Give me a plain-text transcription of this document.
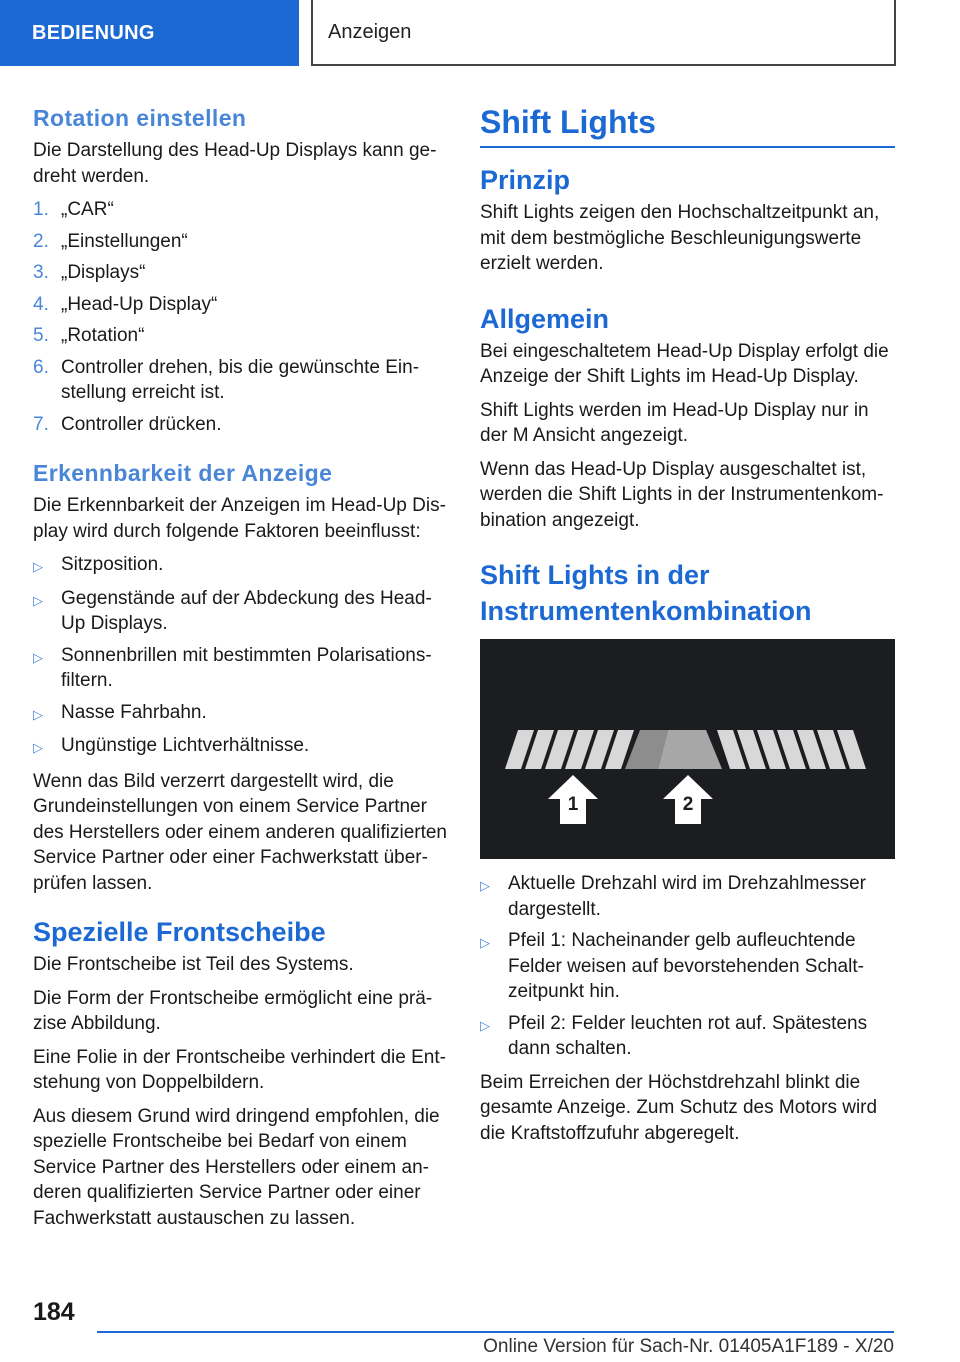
BEDIENUNG	Anzeigen
Rotation einstellen

Die Darstellung des Head-Up Displays kann ge-dreht werden.

1. „CAR“
2. „Einstellungen“
3. „Displays“
4. „Head-Up Display“
5. „Rotation“
6. Controller drehen, bis die gewünschte Ein-stellung erreicht ist.
7. Controller drücken.
Erkennbarkeit der Anzeige

Die Erkennbarkeit der Anzeigen im Head-Up Dis-play wird durch folgende Faktoren beeinflusst:

▷ Sitzposition.
▷ Gegenstände auf der Abdeckung des Head-Up Displays.
▷ Sonnenbrillen mit bestimmten Polarisations-filtern.
▷ Nasse Fahrbahn.
▷ Ungünstige Lichtverhältnisse.

Wenn das Bild verzerrt dargestellt wird, die Grundeinstellungen von einem Service Partner des Herstellers oder einem anderen qualifizierten Service Partner oder einer Fachwerkstatt über-prüfen lassen.

Spezielle Frontscheibe

Die Frontscheibe ist Teil des Systems.

Die Form der Frontscheibe ermöglicht eine prä-zise Abbildung.

Eine Folie in der Frontscheibe verhindert die Ent-stehung von Doppelbildern.

Aus diesem Grund wird dringend empfohlen, die spezielle Frontscheibe bei Bedarf von einem Service Partner des Herstellers oder einem an-deren qualifizierten Service Partner oder einer Fachwerkstatt austauschen zu lassen.

Shift Lights
Prinzip

Shift Lights zeigen den Hochschaltzeitpunkt an, mit dem bestmögliche Beschleunigungswerte erzielt werden.

Allgemein

Bei eingeschaltetem Head-Up Display erfolgt die Anzeige der Shift Lights im Head-Up Display.

Shift Lights werden im Head-Up Display nur in der M Ansicht angezeigt.

Wenn das Head-Up Display ausgeschaltet ist, werden die Shift Lights in der Instrumentenkom-bination angezeigt.

Shift Lights in der Instrumentenkombination
1	2
▷ Aktuelle Drehzahl wird im Drehzahlmesser dargestellt.
▷ Pfeil 1: Nacheinander gelb aufleuchtende Felder weisen auf bevorstehenden Schalt-zeitpunkt hin.
▷ Pfeil 2: Felder leuchten rot auf. Spätestens dann schalten.

Beim Erreichen der Höchstdrehzahl blinkt die gesamte Anzeige. Zum Schutz des Motors wird die Kraftstoffzufuhr abgeregelt.

184
Online Version für Sach-Nr. 01405A1F189 - X/20
